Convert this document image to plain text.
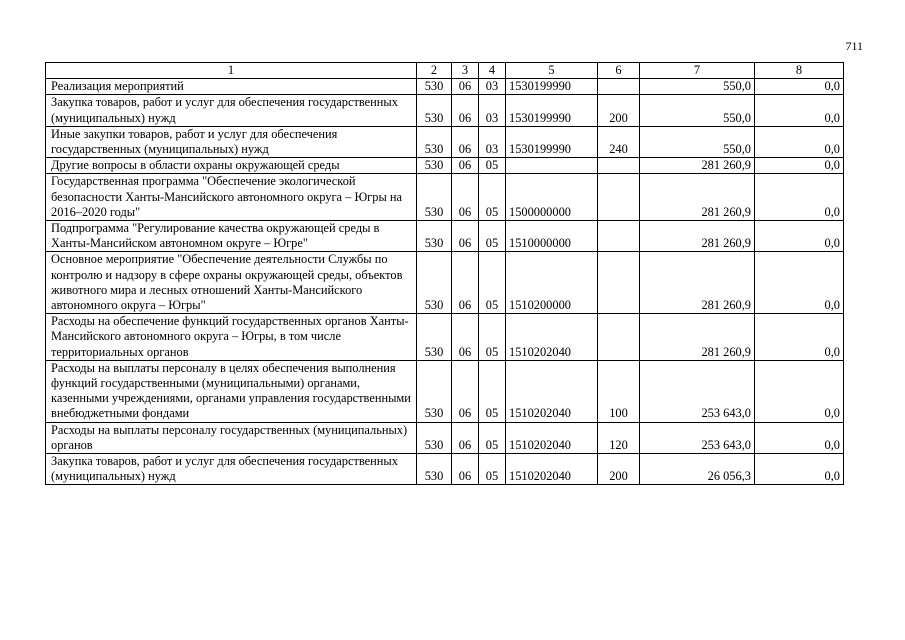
711
1	2	3	4	5	6	7	8
Реализация мероприятий	530	06	03	1530199990		550,0	0,0
Закупка товаров, работ и услуг для обеспечения государственных (муниципальных) нужд	530	06	03	1530199990	200	550,0	0,0
Иные закупки товаров, работ и услуг для обеспечения государственных (муниципальных) нужд	530	06	03	1530199990	240	550,0	0,0
Другие вопросы в области охраны окружающей среды	530	06	05			281 260,9	0,0
Государственная программа "Обеспечение экологической безопасности Ханты-Мансийского автономного округа – Югры на 2016–2020 годы"	530	06	05	1500000000		281 260,9	0,0
Подпрограмма "Регулирование качества окружающей среды в Ханты-Мансийском автономном округе – Югре"	530	06	05	1510000000		281 260,9	0,0
Основное мероприятие "Обеспечение деятельности Службы по контролю и надзору в сфере охраны окружающей среды, объектов животного мира и лесных отношений Ханты-Мансийского автономного округа – Югры"	530	06	05	1510200000		281 260,9	0,0
Расходы на обеспечение функций государственных органов Ханты-Мансийского автономного округа – Югры, в том числе территориальных органов	530	06	05	1510202040		281 260,9	0,0
Расходы на выплаты персоналу в целях обеспечения выполнения функций государственными (муниципальными) органами, казенными учреждениями, органами управления государственными внебюджетными фондами	530	06	05	1510202040	100	253 643,0	0,0
Расходы на выплаты персоналу государственных (муниципальных) органов	530	06	05	1510202040	120	253 643,0	0,0
Закупка товаров, работ и услуг для обеспечения государственных (муниципальных) нужд	530	06	05	1510202040	200	26 056,3	0,0
